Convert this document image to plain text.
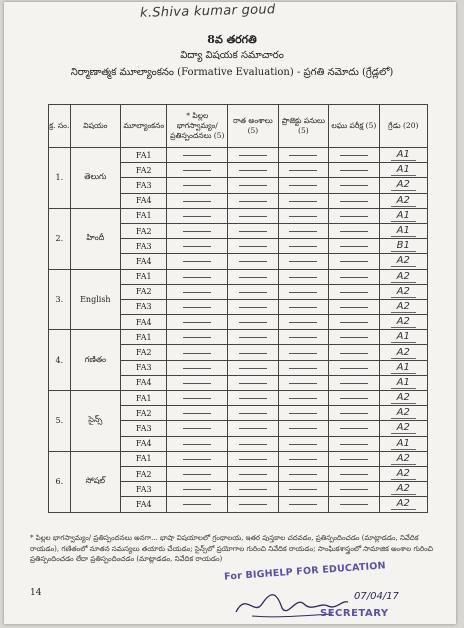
k.Shiva kumar goud
8వ తరగతి
విద్యా విషయక సమాచారం
నిర్మాణాత్మక మూల్యాంకనం (Formative Evaluation) - ప్రగతి నమోదు (గ్రేడ్లలో)
క్ర. సం.	విషయం	మూల్యాంకనం	* పిల్లల భాగస్వామ్యం/ ప్రతిస్పందనలు (5)	రాత అంశాలు (5)	ప్రాజెక్టు పనులు (5)	లఘు పరీక్ష (5)	గ్రేడు (20)
1.	తెలుగు	FA1					A1
		FA2					A1
		FA3					A2
		FA4					A2
2.	హిందీ	FA1					A1
		FA2					A1
		FA3					B1
		FA4					A2
3.	English	FA1					A2
		FA2					A2
		FA3					A2
		FA4					A2
4.	గణితం	FA1					A1
		FA2					A2
		FA3					A1
		FA4					A1
5.	సైన్స్	FA1					A2
		FA2					A2
		FA3					A2
		FA4					A1
6.	సోషల్	FA1					A2
		FA2					A2
		FA3					A2
		FA4					A2
* పిల్లల భాగస్వామ్యం/ ప్రతిస్పందనలు అనగా... భాషా విషయాలలో గ్రంథాలయ, ఇతర పుస్తకాల చదవడం, ప్రతిస్పందించడం (మాట్లాడడం, నివేదిక రాయడం), గణితంలో నూతన సమస్యలు తయారు చేయడం; సైన్స్‌లో ప్రయోగాల గురించి నివేదిక రాయడం; సాంఘికశాస్త్రంలో సామాజిక అంశాల గురించి ప్రతిస్పందించడం లేదా ప్రతిస్పందించడం (మాట్లాడడం, నివేదిక రాయడం)
14
For BIGHELP FOR EDUCATION
07/04/17
SECRETARY
